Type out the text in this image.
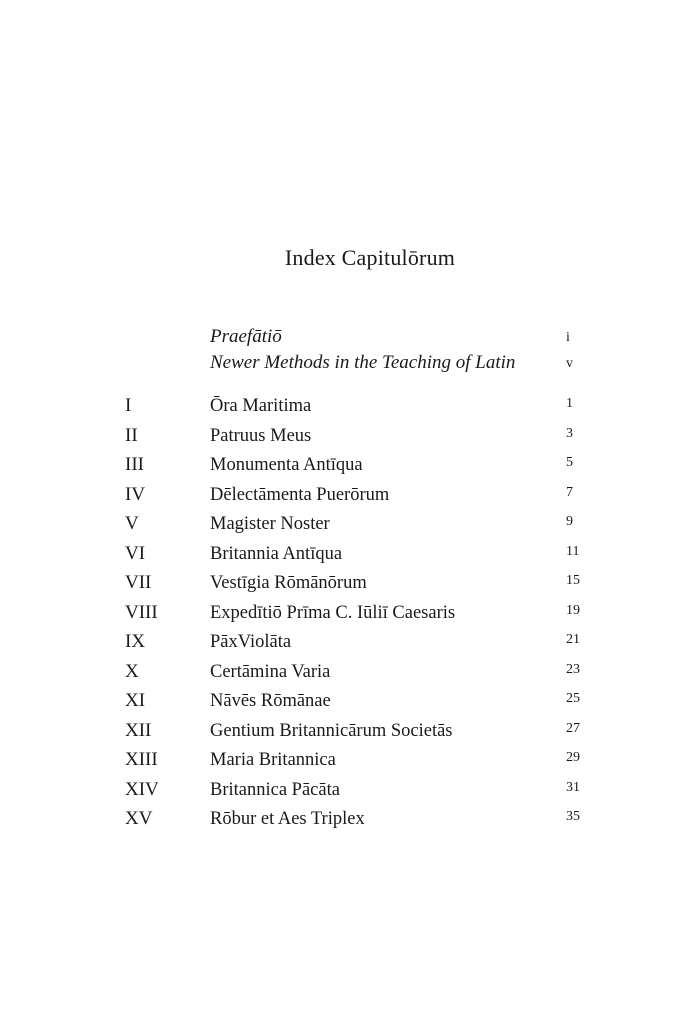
Index Capitulōrum
Praefātiō	i
Newer Methods in the Teaching of Latin	v
I	Ōra Maritima	1
II	Patruus Meus	3
III	Monumenta Antīqua	5
IV	Dēlectāmenta Puerōrum	7
V	Magister Noster	9
VI	Britannia Antīqua	11
VII	Vestīgia Rōmānōrum	15
VIII	Expedītiō Prīma C. Iūliī Caesaris	19
IX	PāxViolāta	21
X	Certāmina Varia	23
XI	Nāvēs Rōmānae	25
XII	Gentium Britannicārum Societās	27
XIII	Maria Britannica	29
XIV	Britannica Pācāta	31
XV	Rōbur et Aes Triplex	35
